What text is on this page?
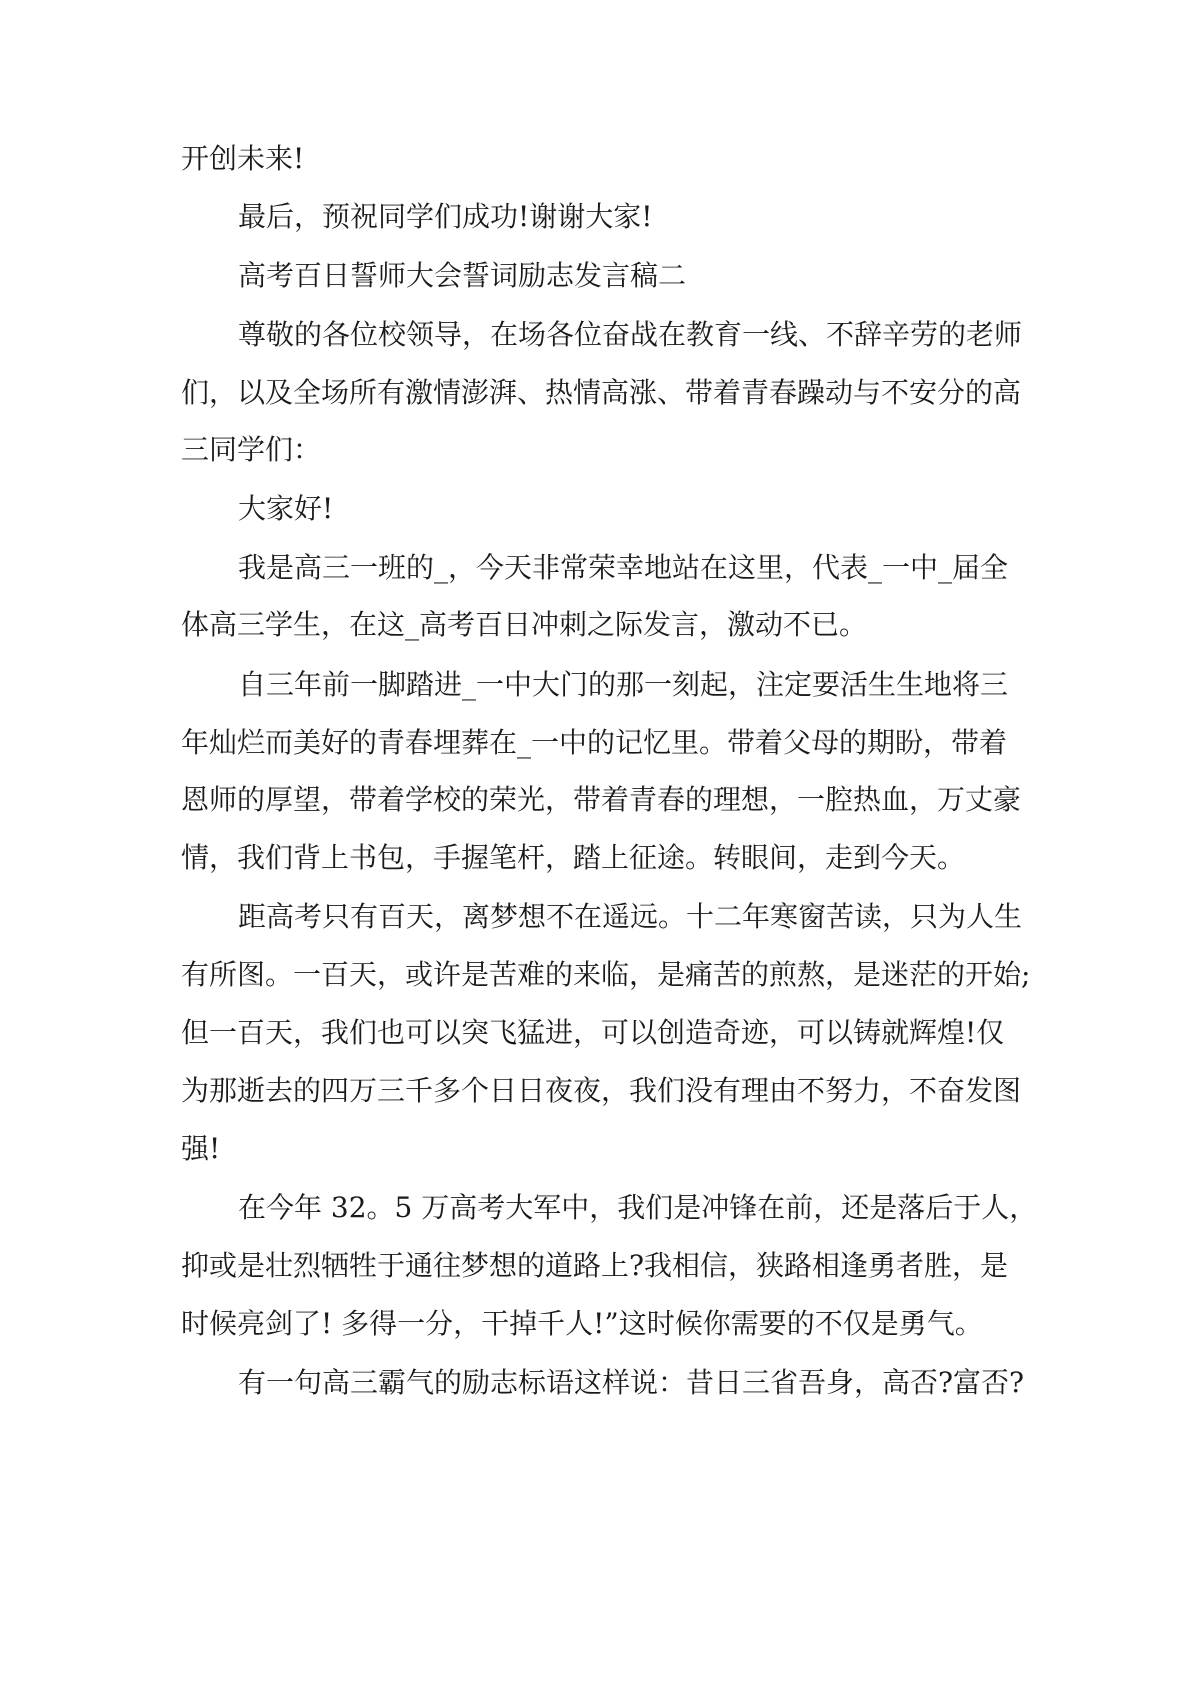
开创未来!
最后，预祝同学们成功!谢谢大家!
高考百日誓师大会誓词励志发言稿二
尊敬的各位校领导，在场各位奋战在教育一线、不辞辛劳的老师
们，以及全场所有激情澎湃、热情高涨、带着青春躁动与不安分的高
三同学们：
大家好!
我是高三一班的_，今天非常荣幸地站在这里，代表_一中_届全
体高三学生，在这_高考百日冲刺之际发言，激动不已。
自三年前一脚踏进_一中大门的那一刻起，注定要活生生地将三
年灿烂而美好的青春埋葬在_一中的记忆里。带着父母的期盼，带着
恩师的厚望，带着学校的荣光，带着青春的理想，一腔热血，万丈豪
情，我们背上书包，手握笔杆，踏上征途。转眼间，走到今天。
距高考只有百天，离梦想不在遥远。十二年寒窗苦读，只为人生
有所图。一百天，或许是苦难的来临，是痛苦的煎熬，是迷茫的开始;
但一百天，我们也可以突飞猛进，可以创造奇迹，可以铸就辉煌!仅
为那逝去的四万三千多个日日夜夜，我们没有理由不努力，不奋发图
强!
在今年 32。5 万高考大军中，我们是冲锋在前，还是落后于人，
抑或是壮烈牺牲于通往梦想的道路上?我相信，狭路相逢勇者胜，是
时候亮剑了! 多得一分，干掉千人!”这时候你需要的不仅是勇气。
有一句高三霸气的励志标语这样说：昔日三省吾身，高否?富否?
